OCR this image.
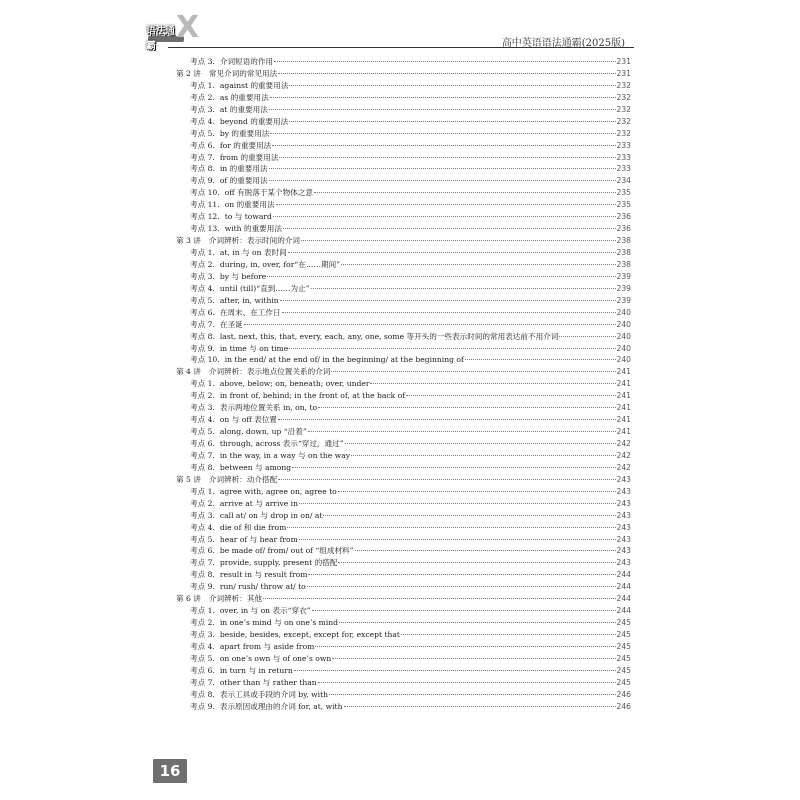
语法通霸
X	高中英语语法通霸(2025版)
考点 3. 介词短语的作用	231
第 2 讲 常见介词的常见用法	231
考点 1. against 的重要用法	232
考点 2. as 的重要用法	232
考点 3. at 的重要用法	232
考点 4. beyond 的重要用法	232
考点 5. by 的重要用法	232
考点 6. for 的重要用法	233
考点 7. from 的重要用法	233
考点 8. in 的重要用法	233
考点 9. of 的重要用法	234
考点 10. off 有脱落于某个物体之意	235
考点 11. on 的重要用法	235
考点 12. to 与 toward	236
考点 13. with 的重要用法	236
第 3 讲 介词辨析：表示时间的介词	238
考点 1. at, in 与 on 表时间	238
考点 2. during, in, over, for“在……期间”	238
考点 3. by 与 before	239
考点 4. until (till)“直到……为止”	239
考点 5. after, in, within	239
考点 6. 在周末、在工作日	240
考点 7. 在圣诞	240
考点 8. last, next, this, that, every, each, any, one, some 等开头的一些表示时间的常用表达前不用介词	240
考点 9. in time 与 on time	240
考点 10. in the end/ at the end of/ in the beginning/ at the beginning of	240
第 4 讲 介词辨析：表示地点位置关系的介词	241
考点 1. above, below; on, beneath; over, under	241
考点 2. in front of, behind; in the front of, at the back of	241
考点 3. 表示两地位置关系 in, on, to	241
考点 4. on 与 off 表位置	241
考点 5. along, down, up “沿着”	241
考点 6. through, across 表示“穿过，通过”	242
考点 7. in the way, in a way 与 on the way	242
考点 8. between 与 among	242
第 5 讲 介词辨析：动介搭配	243
考点 1. agree with, agree on, agree to	243
考点 2. arrive at 与 arrive in	243
考点 3. call at/ on 与 drop in on/ at	243
考点 4. die of 和 die from	243
考点 5. hear of 与 hear from	243
考点 6. be made of/ from/ out of “组成材料”	243
考点 7. provide, supply, present 的搭配	243
考点 8. result in 与 result from	244
考点 9. run/ rush/ throw at/ to	244
第 6 讲 介词辨析：其他	244
考点 1. over, in 与 on 表示“穿衣”	244
考点 2. in one’s mind 与 on one’s mind	245
考点 3. beside, besides, except, except for, except that	245
考点 4. apart from 与 aside from	245
考点 5. on one’s own 与 of one’s own	245
考点 6. in turn 与 in return	245
考点 7. other than 与 rather than	245
考点 8. 表示工具或手段的介词 by, with	246
考点 9. 表示原因或理由的介词 for, at, with	246
16
